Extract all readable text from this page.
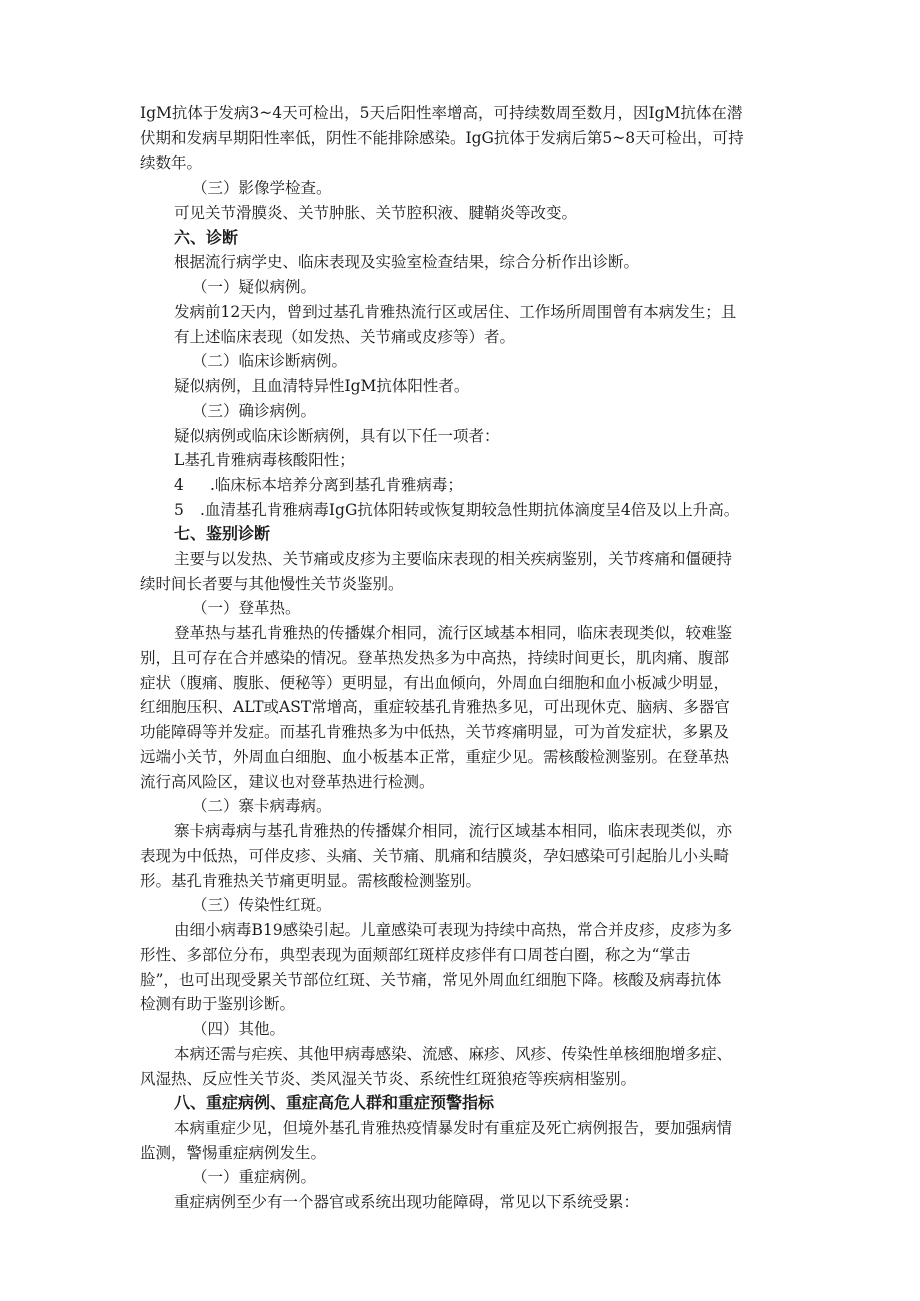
IgM抗体于发病3~4天可检出，5天后阳性率增高，可持续数周至数月，因IgM抗体在潜
伏期和发病早期阳性率低，阴性不能排除感染。IgG抗体于发病后第5~8天可检出，可持
续数年。
（三）影像学检查。
可见关节滑膜炎、关节肿胀、关节腔积液、腱鞘炎等改变。
六、诊断
根据流行病学史、临床表现及实验室检查结果，综合分析作出诊断。
（一）疑似病例。
发病前12天内，曾到过基孔肯雅热流行区或居住、工作场所周围曾有本病发生；且
有上述临床表现（如发热、关节痛或皮疹等）者。
（二）临床诊断病例。
疑似病例，且血清特异性IgM抗体阳性者。
（三）确诊病例。
疑似病例或临床诊断病例，具有以下任一项者：
L基孔肯雅病毒核酸阳性；
4 .临床标本培养分离到基孔肯雅病毒；
5 .血清基孔肯雅病毒IgG抗体阳转或恢复期较急性期抗体滴度呈4倍及以上升高。
七、鉴别诊断
主要与以发热、关节痛或皮疹为主要临床表现的相关疾病鉴别，关节疼痛和僵硬持
续时间长者要与其他慢性关节炎鉴别。
（一）登革热。
登革热与基孔肯雅热的传播媒介相同，流行区域基本相同，临床表现类似，较难鉴
别，且可存在合并感染的情况。登革热发热多为中高热，持续时间更长，肌肉痛、腹部
症状（腹痛、腹胀、便秘等）更明显，有出血倾向，外周血白细胞和血小板减少明显，
红细胞压积、ALT或AST常增高，重症较基孔肯雅热多见，可出现休克、脑病、多器官
功能障碍等并发症。而基孔肯雅热多为中低热，关节疼痛明显，可为首发症状，多累及
远端小关节，外周血白细胞、血小板基本正常，重症少见。需核酸检测鉴别。在登革热
流行高风险区，建议也对登革热进行检测。
（二）寨卡病毒病。
寨卡病毒病与基孔肯雅热的传播媒介相同，流行区域基本相同，临床表现类似，亦
表现为中低热，可伴皮疹、头痛、关节痛、肌痛和结膜炎，孕妇感染可引起胎儿小头畸
形。基孔肯雅热关节痛更明显。需核酸检测鉴别。
（三）传染性红斑。
由细小病毒B19感染引起。儿童感染可表现为持续中高热，常合并皮疹，皮疹为多
形性、多部位分布，典型表现为面颊部红斑样皮疹伴有口周苍白圈，称之为“掌击
脸”，也可出现受累关节部位红斑、关节痛，常见外周血红细胞下降。核酸及病毒抗体
检测有助于鉴别诊断。
（四）其他。
本病还需与疟疾、其他甲病毒感染、流感、麻疹、风疹、传染性单核细胞增多症、
风湿热、反应性关节炎、类风湿关节炎、系统性红斑狼疮等疾病相鉴别。
八、重症病例、重症高危人群和重症预警指标
本病重症少见，但境外基孔肯雅热疫情暴发时有重症及死亡病例报告，要加强病情
监测，警惕重症病例发生。
（一）重症病例。
重症病例至少有一个器官或系统出现功能障碍，常见以下系统受累：
